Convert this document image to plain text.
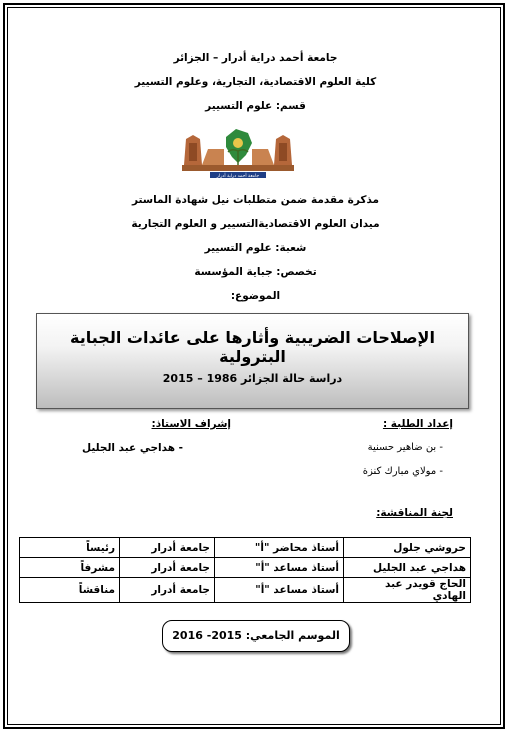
جامعة أحمد دراية أدرار – الجزائر
كلية العلوم الاقتصادية، التجارية، وعلوم التسيير
قسم: علوم التسيير
جامعة أحمد دراية أدرار
مذكرة مقدمة ضمن متطلبات نيل شهادة الماستر
ميدان العلوم الاقتصاديةالتسيير و العلوم التجارية
شعبة: علوم التسيير
تخصص: جباية المؤسسة
الموضوع:
الإصلاحات الضريبية وأثارها على عائدات الجباية البترولية
دراسة حالة الجزائر 1986 – 2015
إعداد الطلبة :
- بن ضاهير حسنية
- مولاي مبارك كنزة
إشراف الاستاذ:
- هداجي عبد الجليل
لجنة المناقشة:
حروشي جلول	أستاذ محاضر "أ"	جامعة أدرار	رئيساً
هداجي عبد الجليل	أستاذ مساعد "أ"	جامعة أدرار	مشرفاً
الحاج قويدر عبد الهادي	أستاذ مساعد "أ"	جامعة أدرار	مناقشاً
الموسم الجامعي: 2015- 2016
